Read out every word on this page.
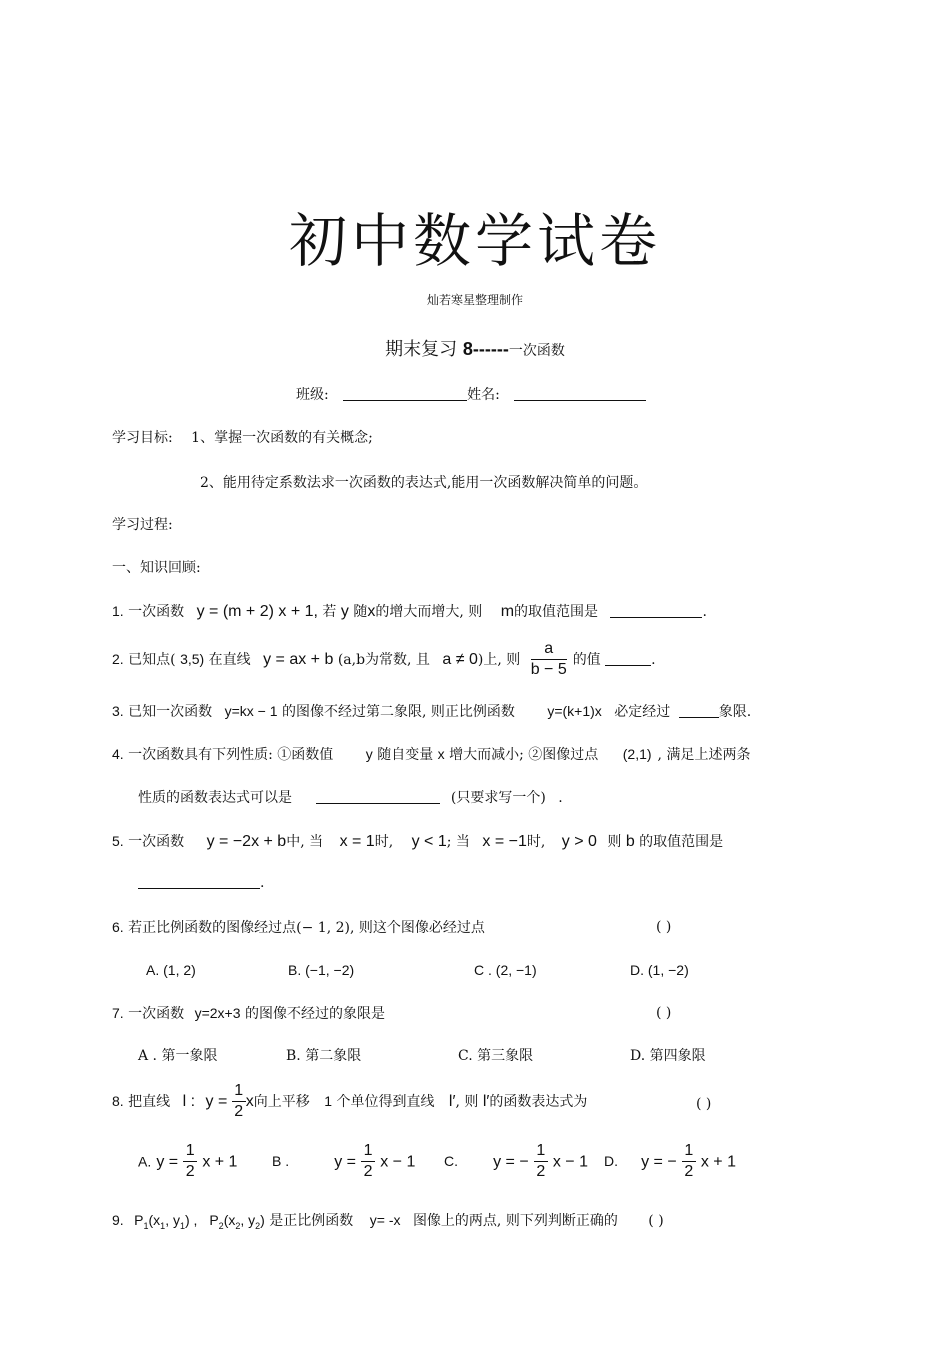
初中数学试卷
灿若寒星整理制作
期末复习 8------一次函数
班级:	姓名:
学习目标: 1、掌握一次函数的有关概念;
2、能用待定系数法求一次函数的表达式,能用一次函数解决简单的问题。
学习过程:
一、知识回顾:
1. 一次函数 y = (m + 2) x + 1, 若 y 随x的增大而增大, 则 m的取值范围是	.
2. 已知点( 3,5) 在直线 y = ax + b (a,b为常数, 且 a ≠ 0)上, 则 $\frac{a}{b - 5}$ 的值	.
3. 已知一次函数 y=kx − 1 的图像不经过第二象限, 则正比例函数 y=(k+1)x 必定经过	象限.
4. 一次函数具有下列性质: ①函数值 y 随自变量 x 增大而减小; ②图像过点 (2,1) , 满足上述两条
性质的函数表达式可以是	(只要求写一个) .
5. 一次函数 y = −2x + b中, 当 x = 1时, y < 1; 当 x = −1时, y > 0 则 b 的取值范围是
.
6. 若正比例函数的图像经过点(− 1, 2), 则这个图像必经过点	( )
A. (1, 2)	B. (−1, −2)	C . (2, −1)	D. (1, −2)
7. 一次函数 y=2x+3 的图像不经过的象限是	( )
A . 第一象限	B. 第二象限	C. 第三象限	D. 第四象限
8. 把直线 l : $y = \frac{1}{2}$ x向上平移 1 个单位得到直线 l′, 则 l′的函数表达式为	( )
A. $y = \frac{1}{2}$ x + 1 B .	$y = \frac{1}{2}$ x − 1 C. y = − $\frac{1}{2}$ x − 1 D. y = − $\frac{1}{2}$ x + 1
9. $P_1(x_1$, $y_1$) , $P_2(x_2$, $y_2$) 是正比例函数 y= -x 图像上的两点, 则下列判断正确的 ( )
